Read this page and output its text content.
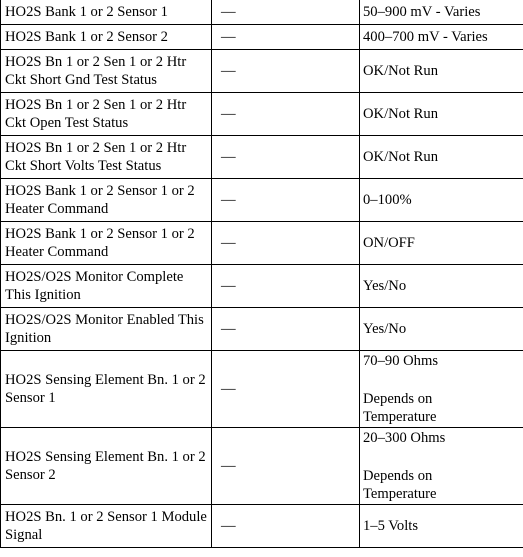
HO2S Bank 1 or 2 Sensor 1	—	50–900 mV - Varies
HO2S Bank 1 or 2 Sensor 2	—	400–700 mV - Varies
HO2S Bn 1 or 2 Sen 1 or 2 Htr Ckt Short Gnd Test Status	—	OK/Not Run
HO2S Bn 1 or 2 Sen 1 or 2 Htr Ckt Open Test Status	—	OK/Not Run
HO2S Bn 1 or 2 Sen 1 or 2 Htr Ckt Short Volts Test Status	—	OK/Not Run
HO2S Bank 1 or 2 Sensor 1 or 2 Heater Command	—	0–100%
HO2S Bank 1 or 2 Sensor 1 or 2 Heater Command	—	ON/OFF
HO2S/O2S Monitor Complete This Ignition	—	Yes/No
HO2S/O2S Monitor Enabled This Ignition	—	Yes/No
HO2S Sensing Element Bn. 1 or 2 Sensor 1	—	70–90 Ohms
Depends on
Temperature

HO2S Sensing Element Bn. 1 or 2 Sensor 2	—	20–300 Ohms
Depends on
Temperature

HO2S Bn. 1 or 2 Sensor 1 Module Signal	—	1–5 Volts
